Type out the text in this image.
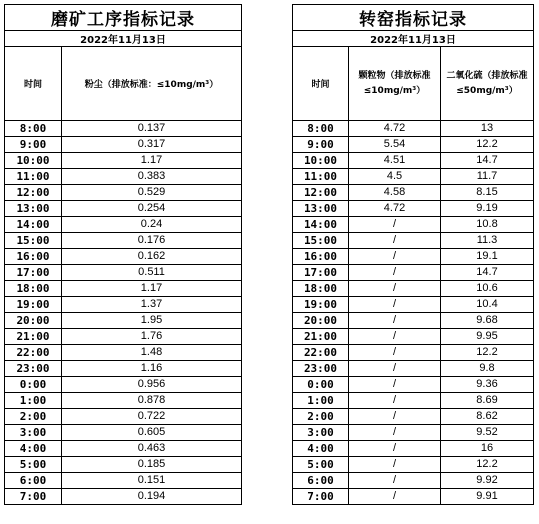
磨矿工序指标记录	
2022年11月13日	
时间	粉尘（排放标准：≤10mg/m³）
8:00	0.137
9:00	0.317
10:00	1.17
11:00	0.383
12:00	0.529
13:00	0.254
14:00	0.24
15:00	0.176
16:00	0.162
17:00	0.511
18:00	1.17
19:00	1.37
20:00	1.95
21:00	1.76
22:00	1.48
23:00	1.16
0:00	0.956
1:00	0.878
2:00	0.722
3:00	0.605
4:00	0.463
5:00	0.185
6:00	0.151
7:00	0.194
转窑指标记录		
2022年11月13日		
时间	颗粒物（排放标准≤10mg/m³）	二氧化硫（排放标准≤50mg/m³）

8:00	4.72	13
9:00	5.54	12.2
10:00	4.51	14.7
11:00	4.5	11.7
12:00	4.58	8.15
13:00	4.72	9.19
14:00	/	10.8
15:00	/	11.3
16:00	/	19.1
17:00	/	14.7
18:00	/	10.6
19:00	/	10.4
20:00	/	9.68
21:00	/	9.95
22:00	/	12.2
23:00	/	9.8
0:00	/	9.36
1:00	/	8.69
2:00	/	8.62
3:00	/	9.52
4:00	/	16
5:00	/	12.2
6:00	/	9.92
7:00	/	9.91
